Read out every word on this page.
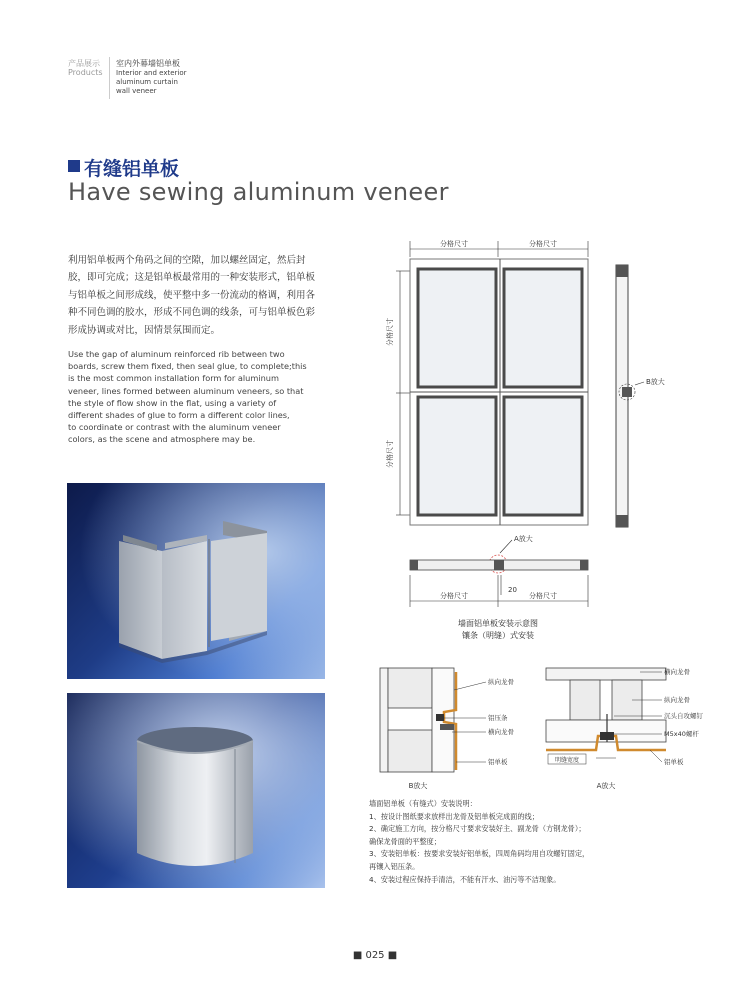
产品展示
Products
室内外幕墙铝单板
Interior and exterior
aluminum curtain
wall veneer
有缝铝单板
Have sewing aluminum veneer
利用铝单板两个角码之间的空隙，加以螺丝固定，然后封
胶，即可完成；这是铝单板最常用的一种安装形式，铝单板
与铝单板之间形成线，使平整中多一份流动的格调，利用各
种不同色调的胶水，形成不同色调的线条，可与铝单板色彩
形成协调或对比，因情景氛围而定。
Use the gap of aluminum reinforced rib between two
boards, screw them fixed, then seal glue, to complete;this
is the most common installation form for aluminum
veneer, lines formed between aluminum veneers, so that
the style of flow show in the flat, using a variety of
different shades of glue to form a different color lines,
to coordinate or contrast with the aluminum veneer
colors, as the scene and atmosphere may be.
分格尺寸	分格尺寸
分格尺寸
分格尺寸
B放大
A放大
20
分格尺寸	分格尺寸
墙面铝单板安装示意图
镶条（明缝）式安装
纵向龙骨
铝压条
横向龙骨
铝单板
B放大
横向龙骨
纵向龙骨
沉头自攻螺钉
M5x40螺杆
铝单板
明缝宽度
A放大
墙面铝单板（有缝式）安装说明：
1、按设计图纸要求放样出龙骨及铝单板完成面的线；
2、确定施工方向，按分格尺寸要求安装好主、副龙骨（方钢龙骨）；
确保龙骨面的平整度；
3、安装铝单板：按要求安装好铝单板，四周角码均用自攻螺钉固定，
再镶入铝压条。
4、安装过程应保持手清洁，不能有汗水、油污等不洁现象。
■ 025 ■
